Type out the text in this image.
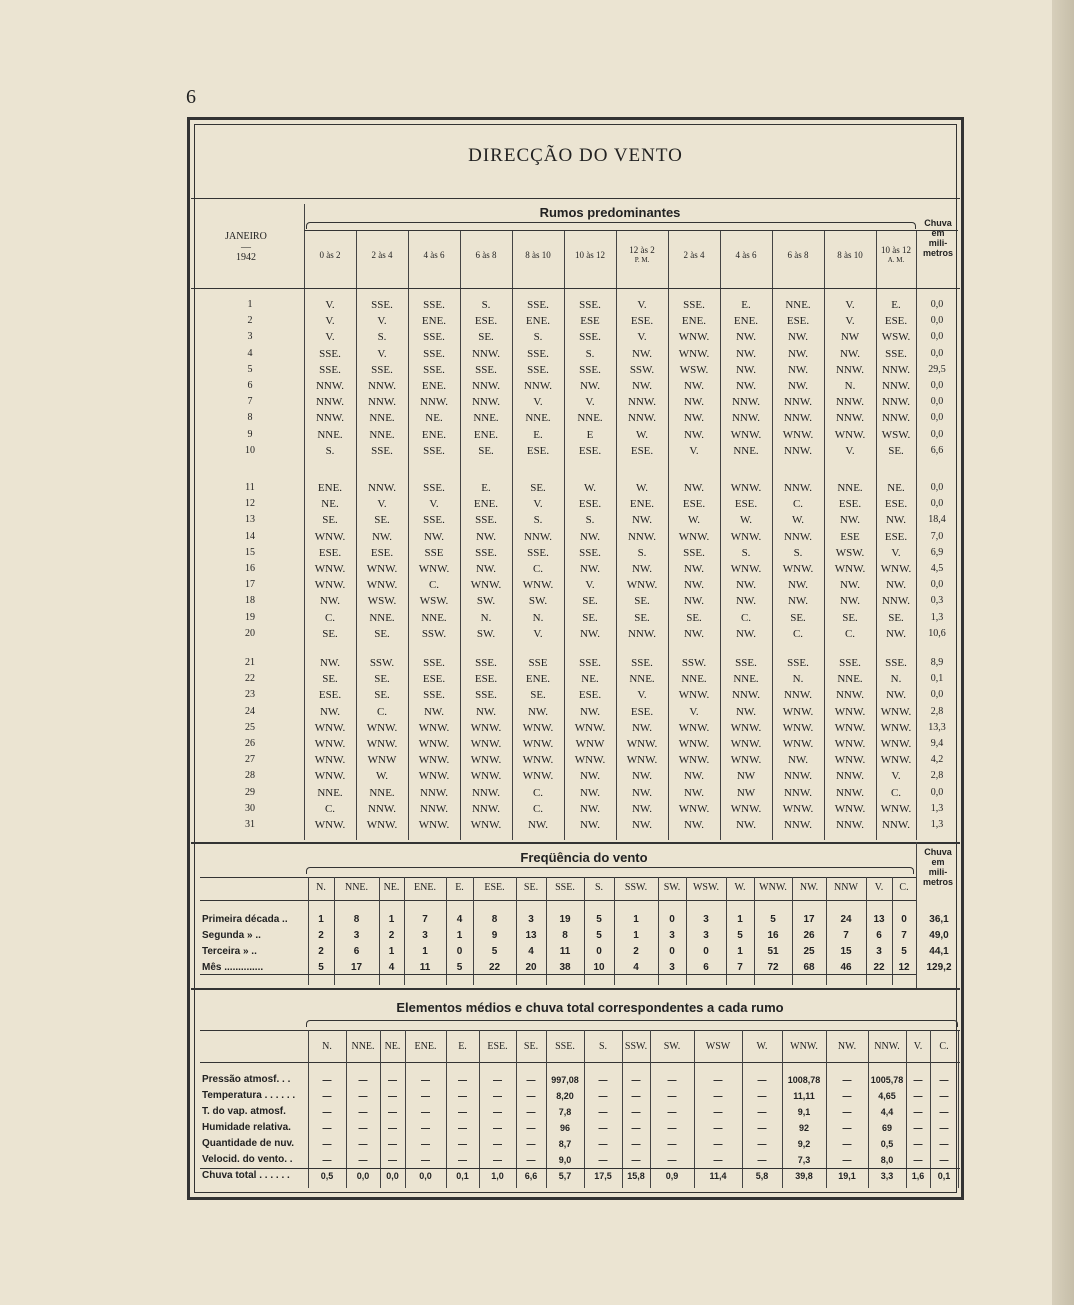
6
DIRECÇÃO DO VENTO
Rumos predominantes
JANEIRO
—
1942
Chuva
em
mili-
metros
0 às 2	2 às 4	4 às 6	6 às 8	8 às 10	10 às 12	12 às 2
P. M.	2 às 4	4 às 6	6 às 8	8 às 10	10 às 12
A. M.
1	V.	SSE.	SSE.	S.	SSE.	SSE.	V.	SSE.	E.	NNE.	V.	E.	0,0
2	V.	V.	ENE.	ESE.	ENE.	ESE	ESE.	ENE.	ENE.	ESE.	V.	ESE.	0,0
3	V.	S.	SSE.	SE.	S.	SSE.	V.	WNW.	NW.	NW.	NW	WSW.	0,0
4	SSE.	V.	SSE.	NNW.	SSE.	S.	NW.	WNW.	NW.	NW.	NW.	SSE.	0,0
5	SSE.	SSE.	SSE.	SSE.	SSE.	SSE.	SSW.	WSW.	NW.	NW.	NNW.	NNW.	29,5
6	NNW.	NNW.	ENE.	NNW.	NNW.	NW.	NW.	NW.	NW.	NW.	N.	NNW.	0,0
7	NNW.	NNW.	NNW.	NNW.	V.	V.	NNW.	NW.	NNW.	NNW.	NNW.	NNW.	0,0
8	NNW.	NNE.	NE.	NNE.	NNE.	NNE.	NNW.	NW.	NNW.	NNW.	NNW.	NNW.	0,0
9	NNE.	NNE.	ENE.	ENE.	E.	E	W.	NW.	WNW.	WNW.	WNW.	WSW.	0,0
10	S.	SSE.	SSE.	SE.	ESE.	ESE.	ESE.	V.	NNE.	NNW.	V.	SE.	6,6
11	ENE.	NNW.	SSE.	E.	SE.	W.	W.	NW.	WNW.	NNW.	NNE.	NE.	0,0
12	NE.	V.	V.	ENE.	V.	ESE.	ENE.	ESE.	ESE.	C.	ESE.	ESE.	0,0
13	SE.	SE.	SSE.	SSE.	S.	S.	NW.	W.	W.	W.	NW.	NW.	18,4
14	WNW.	NW.	NW.	NW.	NNW.	NW.	NNW.	WNW.	WNW.	NNW.	ESE	ESE.	7,0
15	ESE.	ESE.	SSE	SSE.	SSE.	SSE.	S.	SSE.	S.	S.	WSW.	V.	6,9
16	WNW.	WNW.	WNW.	NW.	C.	NW.	NW.	NW.	WNW.	WNW.	WNW.	WNW.	4,5
17	WNW.	WNW.	C.	WNW.	WNW.	V.	WNW.	NW.	NW.	NW.	NW.	NW.	0,0
18	NW.	WSW.	WSW.	SW.	SW.	SE.	SE.	NW.	NW.	NW.	NW.	NNW.	0,3
19	C.	NNE.	NNE.	N.	N.	SE.	SE.	SE.	C.	SE.	SE.	SE.	1,3
20	SE.	SE.	SSW.	SW.	V.	NW.	NNW.	NW.	NW.	C.	C.	NW.	10,6
21	NW.	SSW.	SSE.	SSE.	SSE	SSE.	SSE.	SSW.	SSE.	SSE.	SSE.	SSE.	8,9
22	SE.	SE.	ESE.	ESE.	ENE.	NE.	NNE.	NNE.	NNE.	N.	NNE.	N.	0,1
23	ESE.	SE.	SSE.	SSE.	SE.	ESE.	V.	WNW.	NNW.	NNW.	NNW.	NW.	0,0
24	NW.	C.	NW.	NW.	NW.	NW.	ESE.	V.	NW.	WNW.	WNW.	WNW.	2,8
25	WNW.	WNW.	WNW.	WNW.	WNW.	WNW.	NW.	WNW.	WNW.	WNW.	WNW.	WNW.	13,3
26	WNW.	WNW.	WNW.	WNW.	WNW.	WNW	WNW.	WNW.	WNW.	WNW.	WNW.	WNW.	9,4
27	WNW.	WNW	WNW.	WNW.	WNW.	WNW.	WNW.	WNW.	WNW.	NW.	WNW.	WNW.	4,2
28	WNW.	W.	WNW.	WNW.	WNW.	NW.	NW.	NW.	NW	NNW.	NNW.	V.	2,8
29	NNE.	NNE.	NNW.	NNW.	C.	NW.	NW.	NW.	NW	NNW.	NNW.	C.	0,0
30	C.	NNW.	NNW.	NNW.	C.	NW.	NW.	WNW.	WNW.	WNW.	WNW.	WNW.	1,3
31	WNW.	WNW.	WNW.	WNW.	NW.	NW.	NW.	NW.	NW.	NNW.	NNW.	NNW.	1,3
Freqüência do vento	Chuva
em
mili-
metros
N.	NNE.	NE.	ENE.	E.	ESE.	SE.	SSE.	S.	SSW.	SW.	WSW.	W.	WNW.	NW.	NNW	V.	C.
Primeira década ..	1	8	1	7	4	8	3	19	5	1	0	3	1	5	17	24	13	0	36,1
Segunda » ..	2	3	2	3	1	9	13	8	5	1	3	3	5	16	26	7	6	7	49,0
Terceira » ..	2	6	1	1	0	5	4	11	0	2	0	0	1	51	25	15	3	5	44,1
Mês ..............	5	17	4	11	5	22	20	38	10	4	3	6	7	72	68	46	22	12	129,2
Elementos médios e chuva total correspondentes a cada rumo
N.	NNE.	NE.	ENE.	E.	ESE.	SE.	SSE.	S.	SSW.	SW.	WSW	W.	WNW.	NW.	NNW.	V.	C.
Pressão atmosf. . .	—	—	—	—	—	—	—	997,08	—	—	—	—	—	1008,78	—	1005,78	—	—
Temperatura . . . . . .	—	—	—	—	—	—	—	8,20	—	—	—	—	—	11,11	—	4,65	—	—
T. do vap. atmosf.	—	—	—	—	—	—	—	7,8	—	—	—	—	—	9,1	—	4,4	—	—
Humidade relativa.	—	—	—	—	—	—	—	96	—	—	—	—	—	92	—	69	—	—
Quantidade de nuv.	—	—	—	—	—	—	—	8,7	—	—	—	—	—	9,2	—	0,5	—	—
Velocid. do vento. .	—	—	—	—	—	—	—	9,0	—	—	—	—	—	7,3	—	8,0	—	—
Chuva total . . . . . .	0,5	0,0	0,0	0,0	0,1	1,0	6,6	5,7	17,5	15,8	0,9	11,4	5,8	39,8	19,1	3,3	1,6	0,1
